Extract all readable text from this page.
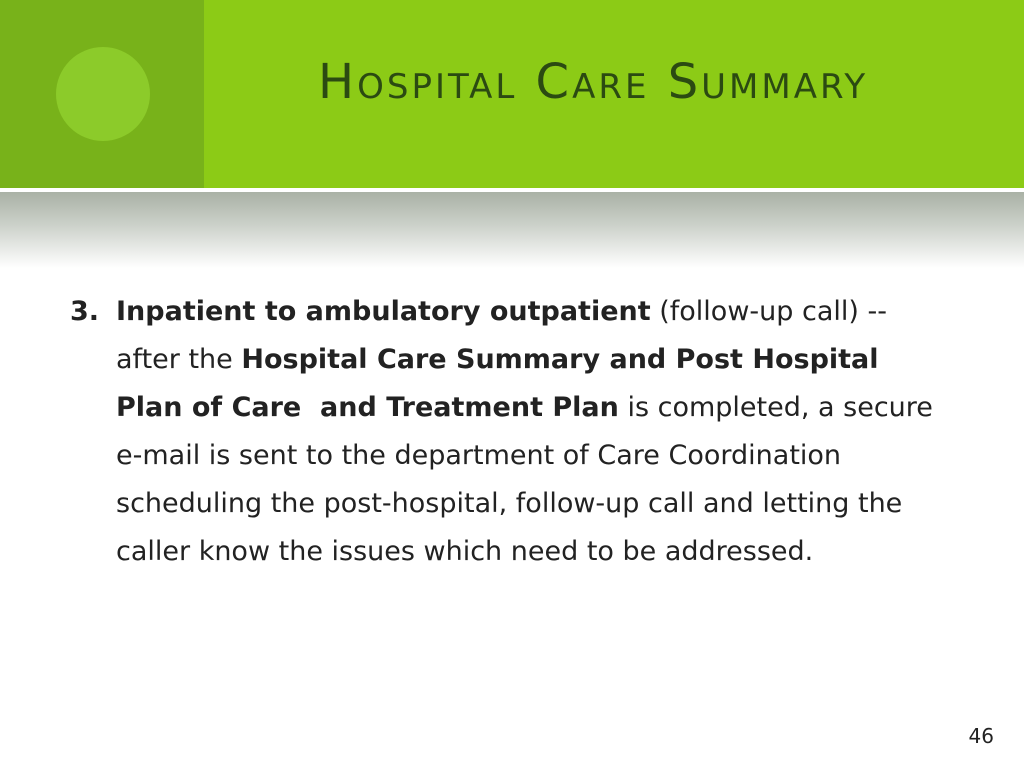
Hospital Care Summary
3. Inpatient to ambulatory outpatient (follow-up call) -- after the Hospital Care Summary and Post Hospital Plan of Care  and Treatment Plan is completed, a secure e-mail is sent to the department of Care Coordination scheduling the post-hospital, follow-up call and letting the caller know the issues which need to be addressed.
46
